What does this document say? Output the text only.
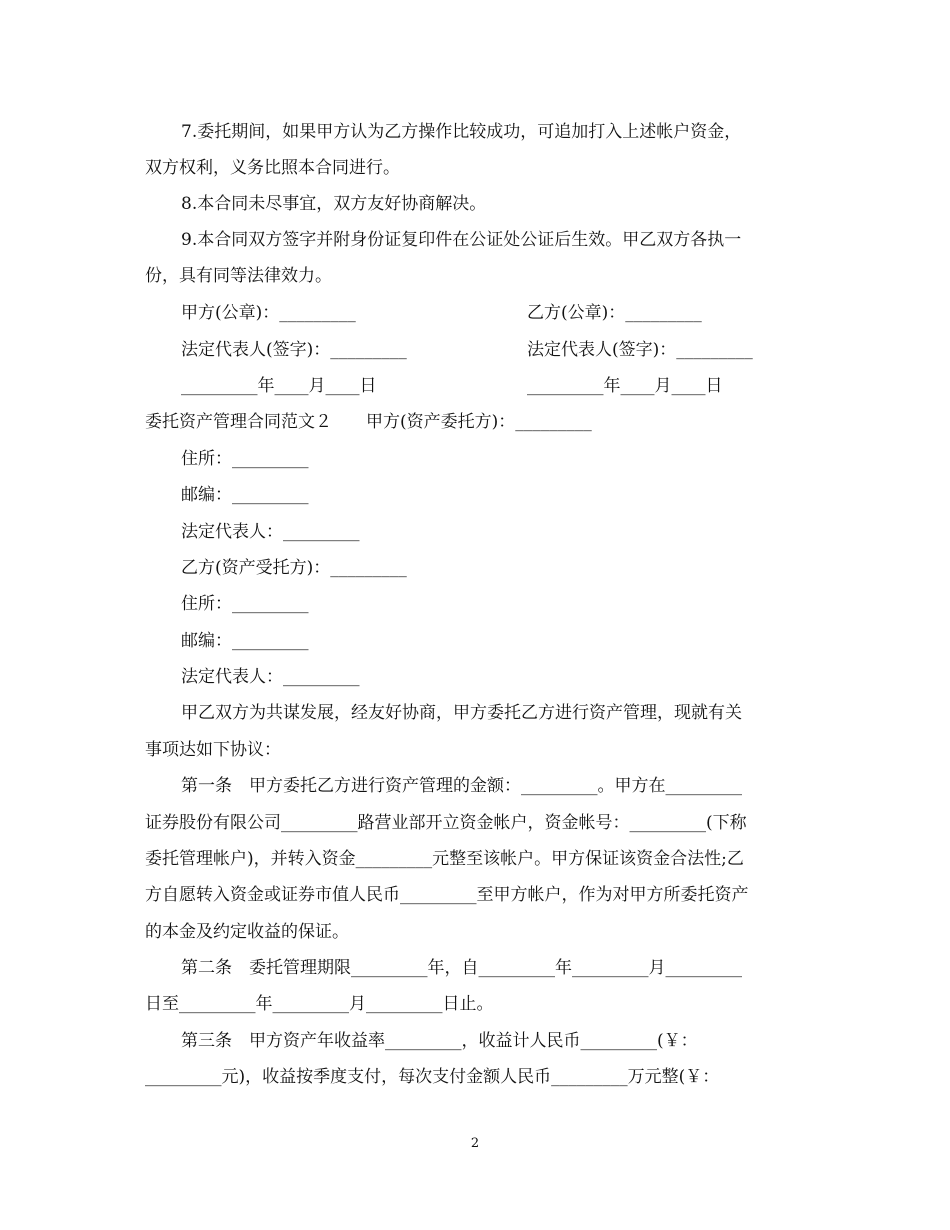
7.委托期间，如果甲方认为乙方操作比较成功，可追加打入上述帐户资金，
双方权利，义务比照本合同进行。
8.本合同未尽事宜，双方友好协商解决。
9.本合同双方签字并附身份证复印件在公证处公证后生效。甲乙双方各执一
份，具有同等法律效力。
甲方(公章)：_________	乙方(公章)：_________
法定代表人(签字)：_________	法定代表人(签字)：_________
_________年____月____日	_________年____月____日
委托资产管理合同范文２　　甲方(资产委托方)：_________
住所：_________
邮编：_________
法定代表人：_________
乙方(资产受托方)：_________
住所：_________
邮编：_________
法定代表人：_________
甲乙双方为共谋发展，经友好协商，甲方委托乙方进行资产管理，现就有关
事项达如下协议：
第一条　甲方委托乙方进行资产管理的金额：_________。甲方在_________
证券股份有限公司_________路营业部开立资金帐户，资金帐号：_________(下称
委托管理帐户)，并转入资金_________元整至该帐户。甲方保证该资金合法性;乙
方自愿转入资金或证券市值人民币_________至甲方帐户，作为对甲方所委托资产
的本金及约定收益的保证。
第二条　委托管理期限_________年，自_________年_________月_________
日至_________年_________月_________日止。
第三条　甲方资产年收益率_________，收益计人民币_________(￥：
_________元)，收益按季度支付，每次支付金额人民币_________万元整(￥：
2
